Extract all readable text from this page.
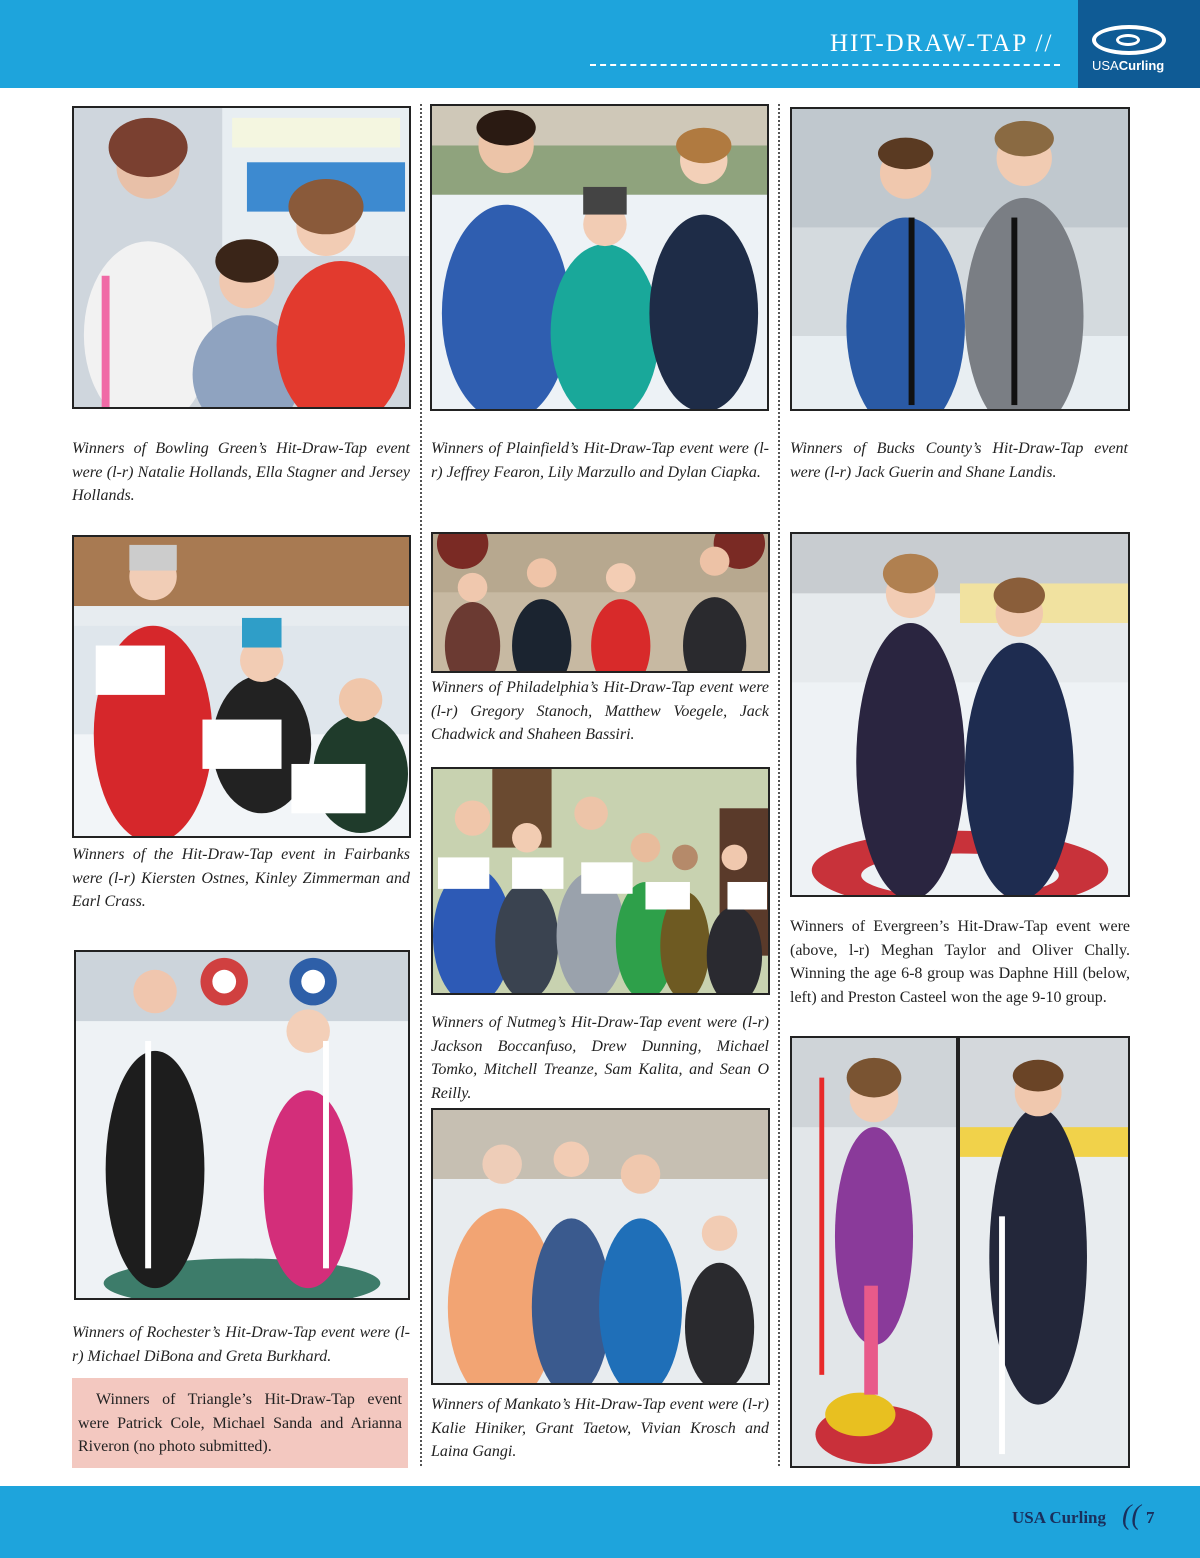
HIT-DRAW-TAP //
USACurling
Winners of Bowling Green’s Hit-Draw-Tap event were (l-r) Natalie Hollands, Ella Stagner and Jersey Hollands.
Winners of the Hit-Draw-Tap event in Fairbanks were (l-r) Kiersten Ostnes, Kinley Zimmerman and Earl Crass.
Winners of Rochester’s Hit-Draw-Tap event were (l-r) Michael DiBona and Greta Burkhard.
Winners of Triangle’s Hit-Draw-Tap event were Patrick Cole, Michael Sanda and Arianna Riveron (no photo submitted).
Winners of Plainfield’s Hit-Draw-Tap event were (l-r) Jeffrey Fearon, Lily Marzullo and Dylan Ciapka.
Winners of Philadelphia’s Hit-Draw-Tap event were (l-r) Gregory Stanoch, Matthew Voegele, Jack Chadwick and Shaheen Bassiri.
Winners of Nutmeg’s Hit-Draw-Tap event were (l-r) Jackson Boccanfuso, Drew Dunning, Michael Tomko, Mitchell Treanze, Sam Kalita, and Sean O Reilly.
Winners of Mankato’s Hit-Draw-Tap event were (l-r) Kalie Hiniker, Grant Taetow, Vivian Krosch and Laina Gangi.
Winners of Bucks County’s Hit-Draw-Tap event were (l-r) Jack Guerin and Shane Landis.
Winners of Evergreen’s Hit-Draw-Tap event were (above, l-r) Meghan Taylor and Oliver Chally. Winning the age 6-8 group was Daphne Hill (below, left) and Preston Casteel won the age 9-10 group.
USA Curling (( 7
